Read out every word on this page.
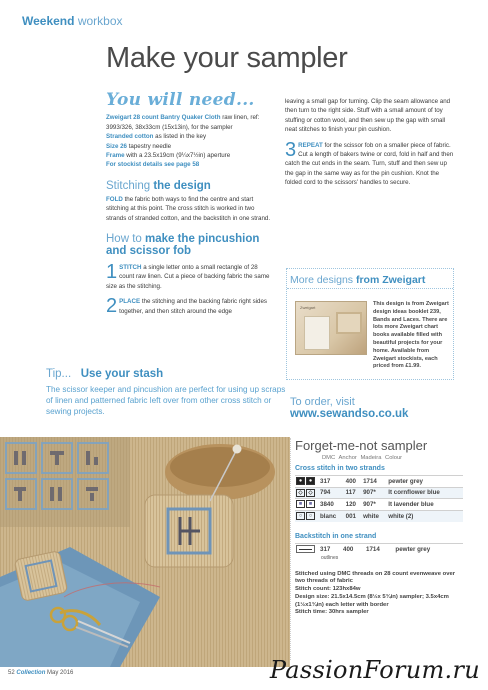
Weekend workbox
Make your sampler
You will need...
Zweigart 28 count Bantry Quaker Cloth raw linen, ref: 3993/326, 38x33cm (15x13in), for the sampler
Stranded cotton as listed in the key
Size 26 tapestry needle
Frame with a 23.5x19cm (9¼x7½in) aperture
For stockist details see page 58
Stitching the design
FOLD the fabric both ways to find the centre and start stitching at this point. The cross stitch is worked in two strands of stranded cotton, and the backstitch in one strand.
How to make the pincushion and scissor fob
1 STITCH a single letter onto a small rectangle of 28 count raw linen. Cut a piece of backing fabric the same size as the stitching.
2 PLACE the stitching and the backing fabric right sides together, and then stitch around the edge
leaving a small gap for turning. Clip the seam allowance and then turn to the right side. Stuff with a small amount of toy stuffing or cotton wool, and then sew up the gap with small neat stitches to finish your pin cushion.
3 REPEAT for the scissor fob on a smaller piece of fabric. Cut a length of bakers twine or cord, fold in half and then catch the cut ends in the seam. Turn, stuff and then sew up the gap in the same way as for the pin cushion. Knot the folded cord to the scissors' handles to secure.
More designs from Zweigart
Zweigart
This design is from Zweigart design ideas booklet 239, Bands and Laces. There are lots more Zweigart chart books available filled with beautiful projects for your home. Available from Zweigart stockists, each priced from £1.99.
To order, visit
www.sewandso.co.uk
Tip... Use your stash
The scissor keeper and pincushion are perfect for using up scraps of linen and patterned fabric left over from other cross stitch or sewing projects.
Forget-me-not sampler
DMC Anchor Madeira Colour
Cross stitch in two strands
● ●	317	400	1714	pewter grey
◇ ◇	794	117	907*	lt cornflower blue
■ ■	3840	120	907*	lt lavender blue
○ ○	blanc	001	white	white (2)
Backstitch in one strand
	317	400	1714	pewter grey
outlines
Stitched using DMC threads on 28 count evenweave over two threads of fabric
Stitch count: 123hx84w
Design size: 21.5x14.5cm (8½x 5¾in) sampler; 3.5x4cm (1½x1¾in) each letter with border
Stitch time: 30hrs sampler
52 Collection May 2016	PassionForum.ru
